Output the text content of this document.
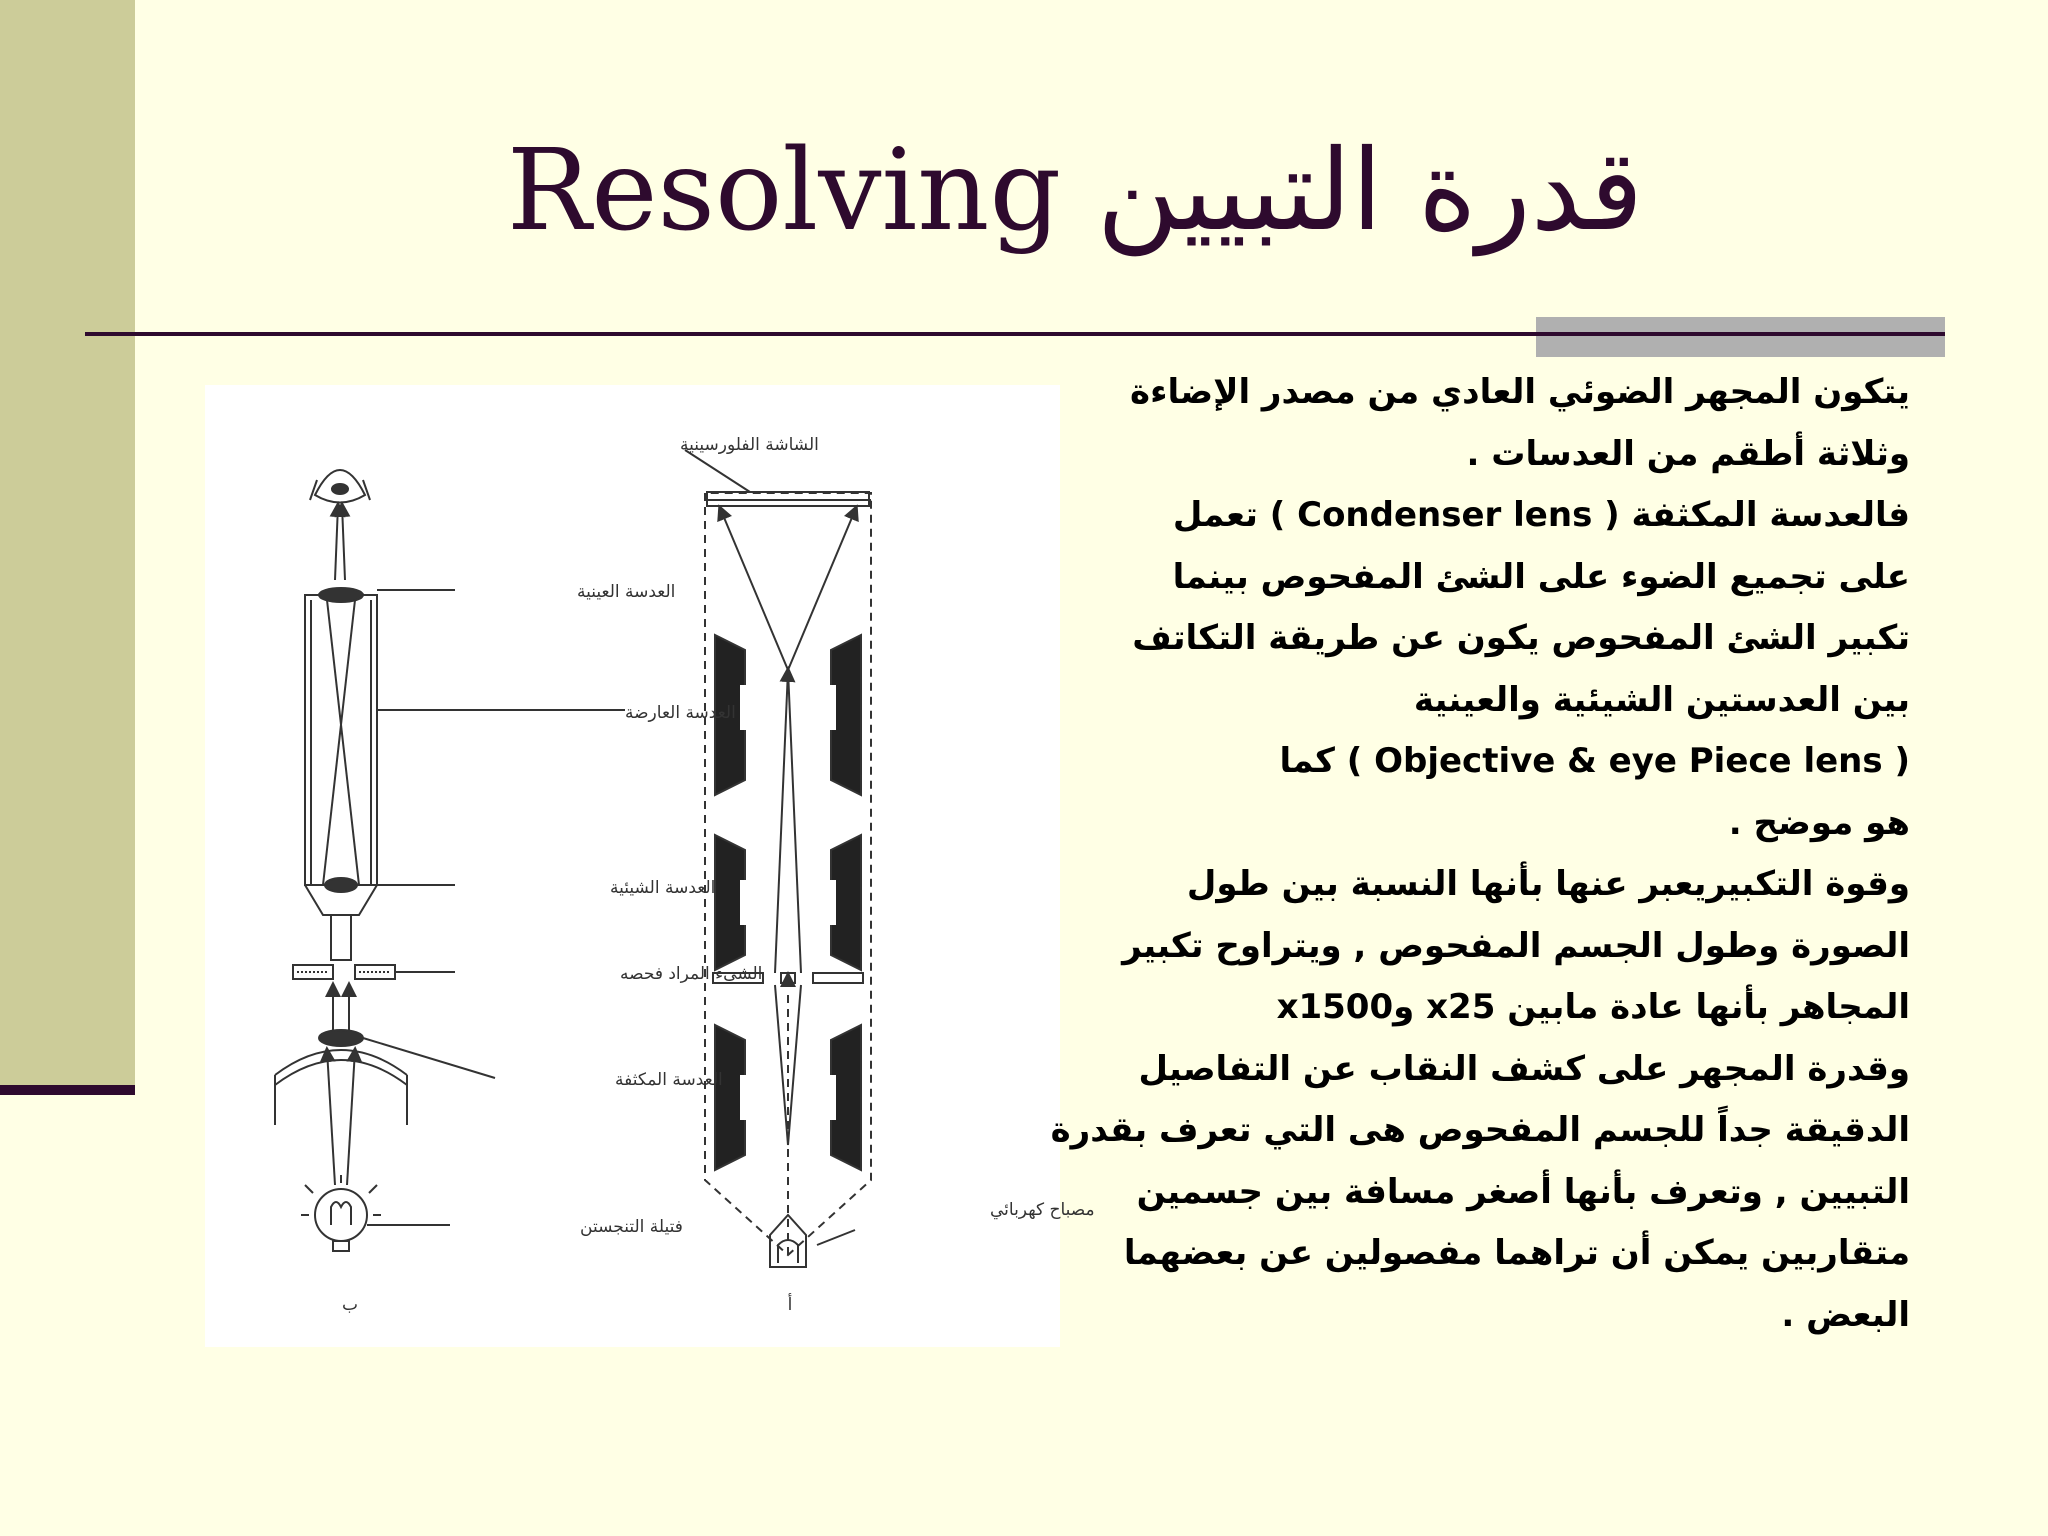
قدرة التبيين Resolving
الشاشة الفلورسينية
العدسة العينية
العدسة العارضة
العدسة الشيئية
الشيء المراد فحصه
العدسة المكثفة
فتيلة التنجستن
مصباح كهربائي
ب	أ
يتكون المجهر الضوئي العادي من مصدر الإضاءة
وثلاثة أطقم من العدسات .
فالعدسة المكثفة ( Condenser lens ) تعمل
على تجميع الضوء على الشئ المفحوص بينما
تكبير الشئ المفحوص يكون عن طريقة التكاتف
بين العدستين الشيئية والعينية
( Objective & eye Piece lens ) كما
هو موضح .
وقوة التكبيريعبر عنها بأنها النسبة بين طول
الصورة وطول الجسم المفحوص , ويتراوح تكبير
المجاهر بأنها عادة مابين x25 وx1500
وقدرة المجهر على كشف النقاب عن التفاصيل
الدقيقة جداً للجسم المفحوص هى التي تعرف بقدرة
التبيين , وتعرف بأنها أصغر مسافة بين جسمين
متقاربين يمكن أن تراهما مفصولين عن بعضهما
البعض .
